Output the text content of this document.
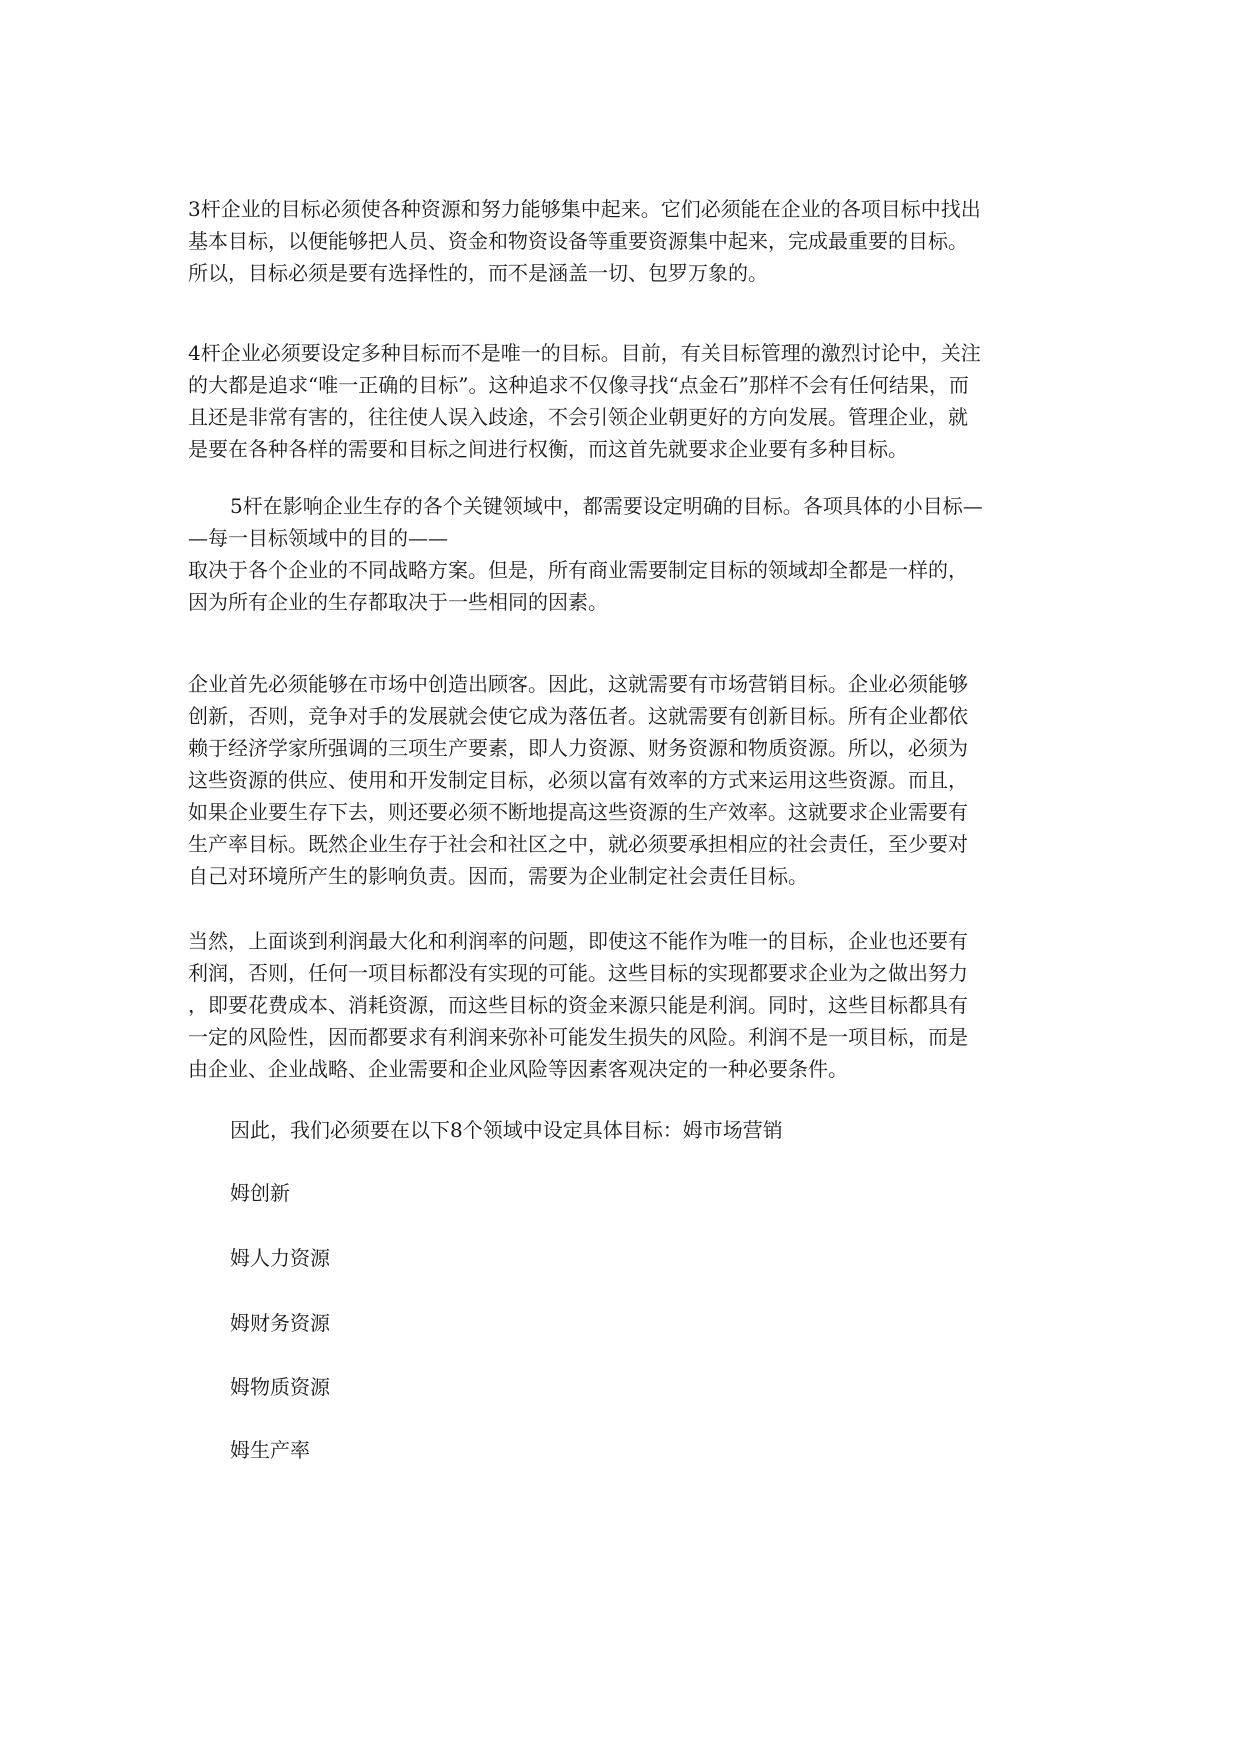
3杆企业的目标必须使各种资源和努力能够集中起来。它们必须能在企业的各项目标中找出
基本目标，以便能够把人员、资金和物资设备等重要资源集中起来，完成最重要的目标。
所以，目标必须是要有选择性的，而不是涵盖一切、包罗万象的。

4杆企业必须要设定多种目标而不是唯一的目标。目前，有关目标管理的激烈讨论中，关注
的大都是追求“唯一正确的目标”。这种追求不仅像寻找“点金石”那样不会有任何结果，而
且还是非常有害的，往往使人误入歧途，不会引领企业朝更好的方向发展。管理企业，就
是要在各种各样的需要和目标之间进行权衡，而这首先就要求企业要有多种目标。

5杆在影响企业生存的各个关键领域中，都需要设定明确的目标。各项具体的小目标—

—每一目标领域中的目的——
取决于各个企业的不同战略方案。但是，所有商业需要制定目标的领域却全都是一样的，
因为所有企业的生存都取决于一些相同的因素。

企业首先必须能够在市场中创造出顾客。因此，这就需要有市场营销目标。企业必须能够
创新，否则，竞争对手的发展就会使它成为落伍者。这就需要有创新目标。所有企业都依
赖于经济学家所强调的三项生产要素，即人力资源、财务资源和物质资源。所以，必须为
这些资源的供应、使用和开发制定目标，必须以富有效率的方式来运用这些资源。而且，
如果企业要生存下去，则还要必须不断地提高这些资源的生产效率。这就要求企业需要有
生产率目标。既然企业生存于社会和社区之中，就必须要承担相应的社会责任，至少要对
自己对环境所产生的影响负责。因而，需要为企业制定社会责任目标。

当然，上面谈到利润最大化和利润率的问题，即使这不能作为唯一的目标，企业也还要有
利润，否则，任何一项目标都没有实现的可能。这些目标的实现都要求企业为之做出努力
，即要花费成本、消耗资源，而这些目标的资金来源只能是利润。同时，这些目标都具有
一定的风险性，因而都要求有利润来弥补可能发生损失的风险。利润不是一项目标，而是
由企业、企业战略、企业需要和企业风险等因素客观决定的一种必要条件。

因此，我们必须要在以下8个领域中设定具体目标：姆市场营销

姆创新

姆人力资源

姆财务资源

姆物质资源

姆生产率
